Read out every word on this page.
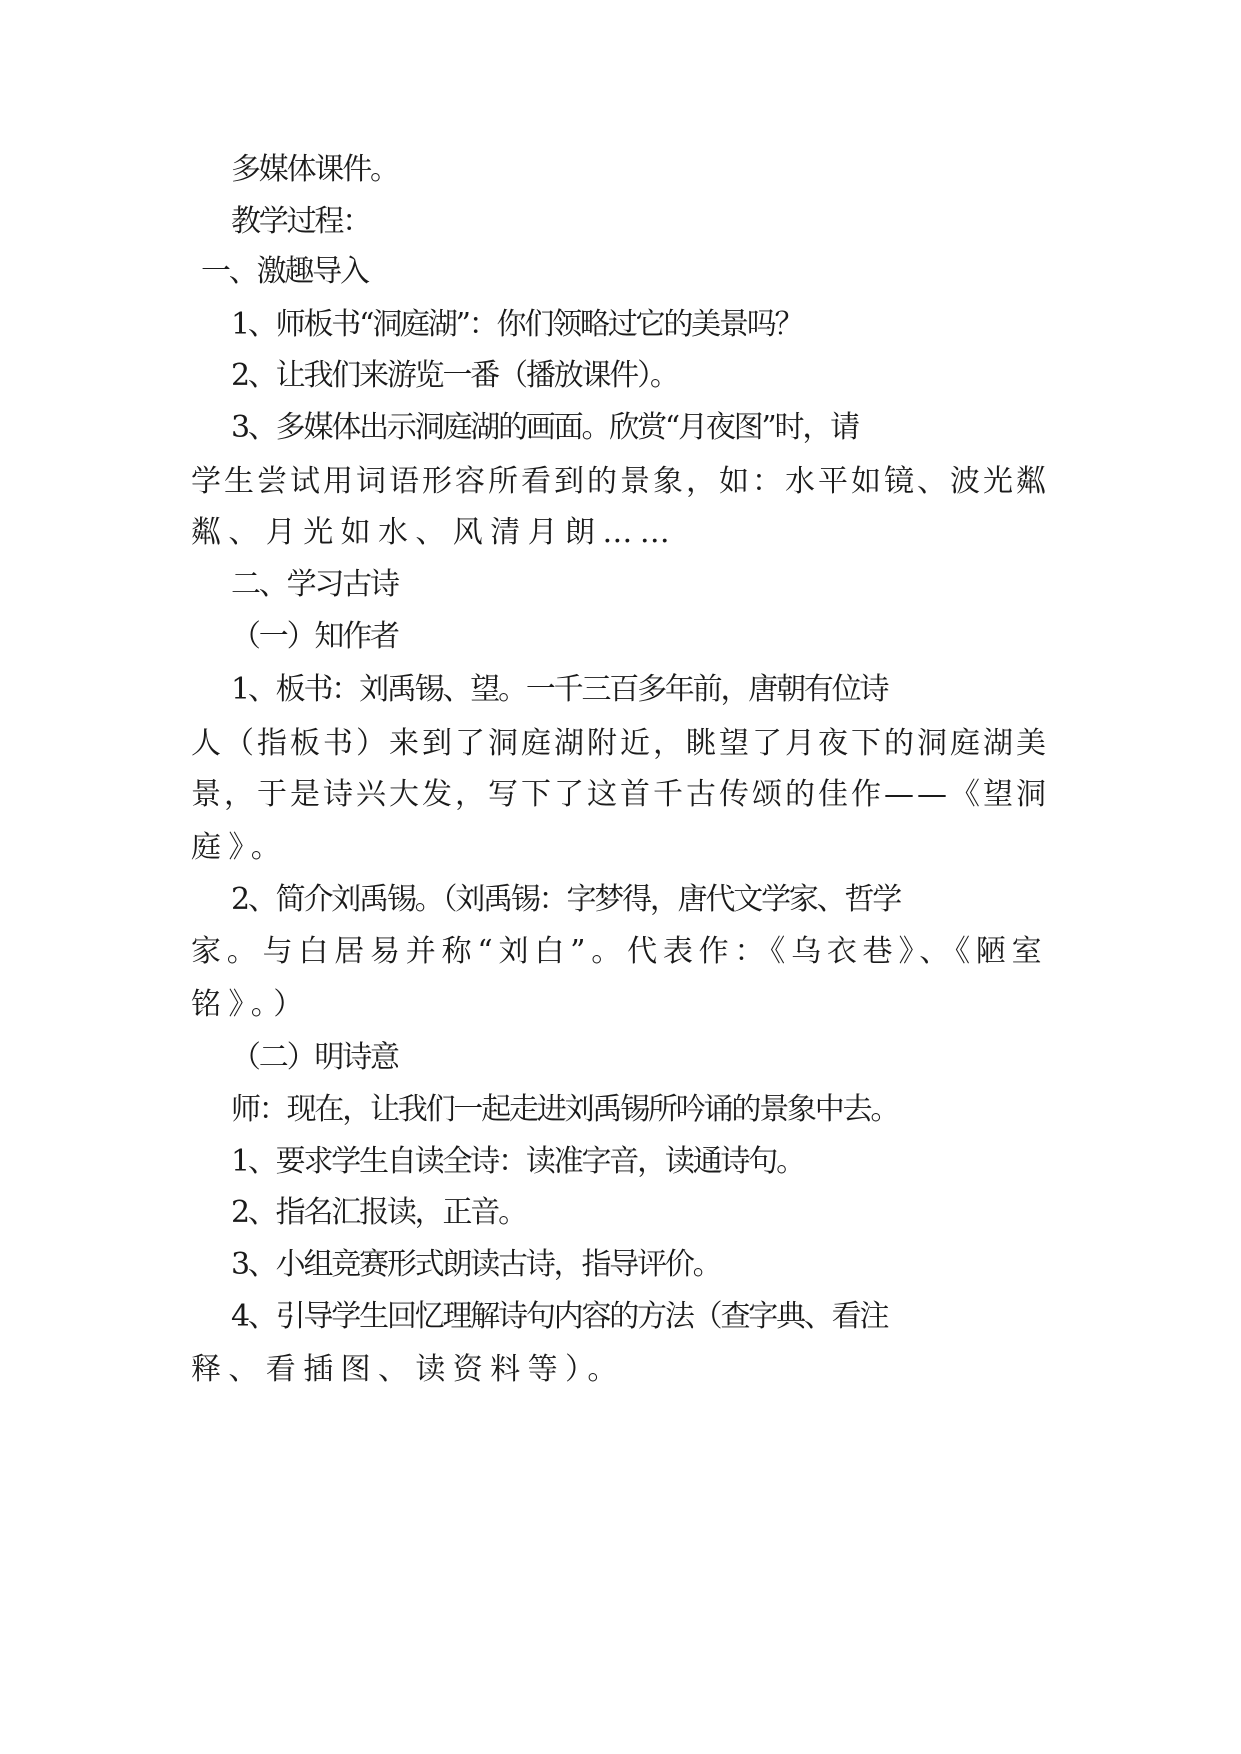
多媒体课件。
教学过程：
一、激趣导入
1、师板书“洞庭湖”：你们领略过它的美景吗？
2、让我们来游览一番（播放课件）。
3、多媒体出示洞庭湖的画面。欣赏“月夜图”时，请
学生尝试用词语形容所看到的景象，如：水平如镜、波光粼
粼、月光如水、风清月朗……
二、学习古诗
（一）知作者
1、板书：刘禹锡、望。一千三百多年前，唐朝有位诗
人（指板书）来到了洞庭湖附近，眺望了月夜下的洞庭湖美
景，于是诗兴大发，写下了这首千古传颂的佳作——《望洞
庭》。
2、简介刘禹锡。（刘禹锡：字梦得，唐代文学家、哲学
家。与白居易并称“刘白”。代表作：《乌衣巷》、《陋室
铭》。）
（二）明诗意
师：现在，让我们一起走进刘禹锡所吟诵的景象中去。
1、要求学生自读全诗：读准字音，读通诗句。
2、指名汇报读，正音。
3、小组竞赛形式朗读古诗，指导评价。
4、引导学生回忆理解诗句内容的方法（查字典、看注
释、看插图、读资料等）。
